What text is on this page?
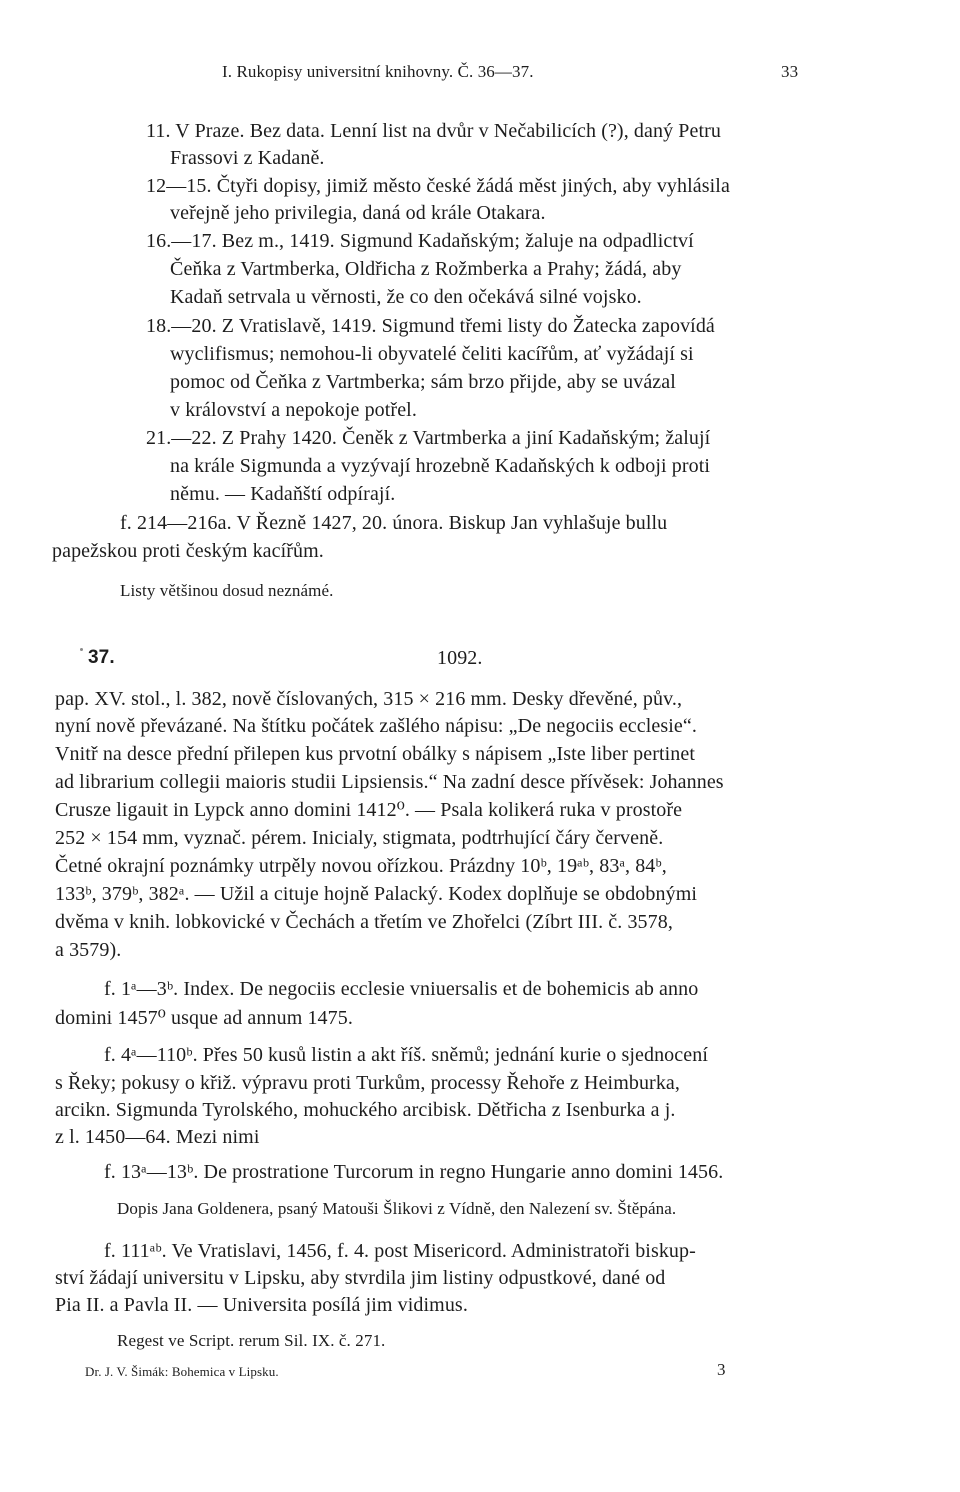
I. Rukopisy universitní knihovny. Č. 36—37.	33
11. V Praze. Bez data. Lenní list na dvůr v Nečabilicích (?), daný Petru
Frassovi z Kadaně.
12—15. Čtyři dopisy, jimiž město české žádá měst jiných, aby vyhlásila
veřejně jeho privilegia, daná od krále Otakara.
16.—17. Bez m., 1419. Sigmund Kadaňským; žaluje na odpadlictví
Čeňka z Vartmberka, Oldřicha z Rožmberka a Prahy; žádá, aby
Kadaň setrvala u věrnosti, že co den očekává silné vojsko.
18.—20. Z Vratislavě, 1419. Sigmund třemi listy do Žatecka zapovídá
wyclifismus; nemohou-li obyvatelé čeliti kacířům, ať vyžádají si
pomoc od Čeňka z Vartmberka; sám brzo přijde, aby se uvázal
v království a nepokoje potřel.
21.—22. Z Prahy 1420. Čeněk z Vartmberka a jiní Kadaňským; žalují
na krále Sigmunda a vyzývají hrozebně Kadaňských k odboji proti
němu. — Kadaňští odpírají.
f. 214—216a. V Řezně 1427, 20. února. Biskup Jan vyhlašuje bullu
papežskou proti českým kacířům.
Listy většinou dosud neznámé.
37.	1092.
pap. XV. stol., l. 382, nově číslovaných, 315 × 216 mm. Desky dřevěné, pův.,
nyní nově převázané. Na štítku počátek zašlého nápisu: „De negociis ecclesie“.
Vnitř na desce přední přilepen kus prvotní obálky s nápisem „Iste liber pertinet
ad librarium collegii maioris studii Lipsiensis.“ Na zadní desce přívěsek: Johannes
Crusze ligauit in Lypck anno domini 1412⁰. — Psala kolikerá ruka v prostoře
252 × 154 mm, vyznač. pérem. Inicialy, stigmata, podtrhující čáry červeně.
Četné okrajní poznámky utrpěly novou ořízkou. Prázdny 10ᵇ, 19ᵃᵇ, 83ᵃ, 84ᵇ,
133ᵇ, 379ᵇ, 382ᵃ. — Užil a cituje hojně Palacký. Kodex doplňuje se obdobnými
dvěma v knih. lobkovické v Čechách a třetím ve Zhořelci (Zíbrt III. č. 3578,
a 3579).
f. 1ᵃ—3ᵇ. Index. De negociis ecclesie vniuersalis et de bohemicis ab anno
domini 1457⁰ usque ad annum 1475.
f. 4ᵃ—110ᵇ. Přes 50 kusů listin a akt říš. sněmů; jednání kurie o sjednocení
s Řeky; pokusy o křiž. výpravu proti Turkům, processy Řehoře z Heimburka,
arcikn. Sigmunda Tyrolského, mohuckého arcibisk. Dětřicha z Isenburka a j.
z l. 1450—64. Mezi nimi
f. 13ᵃ—13ᵇ. De prostratione Turcorum in regno Hungarie anno domini 1456.
Dopis Jana Goldenera, psaný Matouši Šlikovi z Vídně, den Nalezení sv. Štěpána.
f. 111ᵃᵇ. Ve Vratislavi, 1456, f. 4. post Misericord. Administratoři biskup-
ství žádají universitu v Lipsku, aby stvrdila jim listiny odpustkové, dané od
Pia II. a Pavla II. — Universita posílá jim vidimus.
Regest ve Script. rerum Sil. IX. č. 271.
Dr. J. V. Šimák: Bohemica v Lipsku.	3
